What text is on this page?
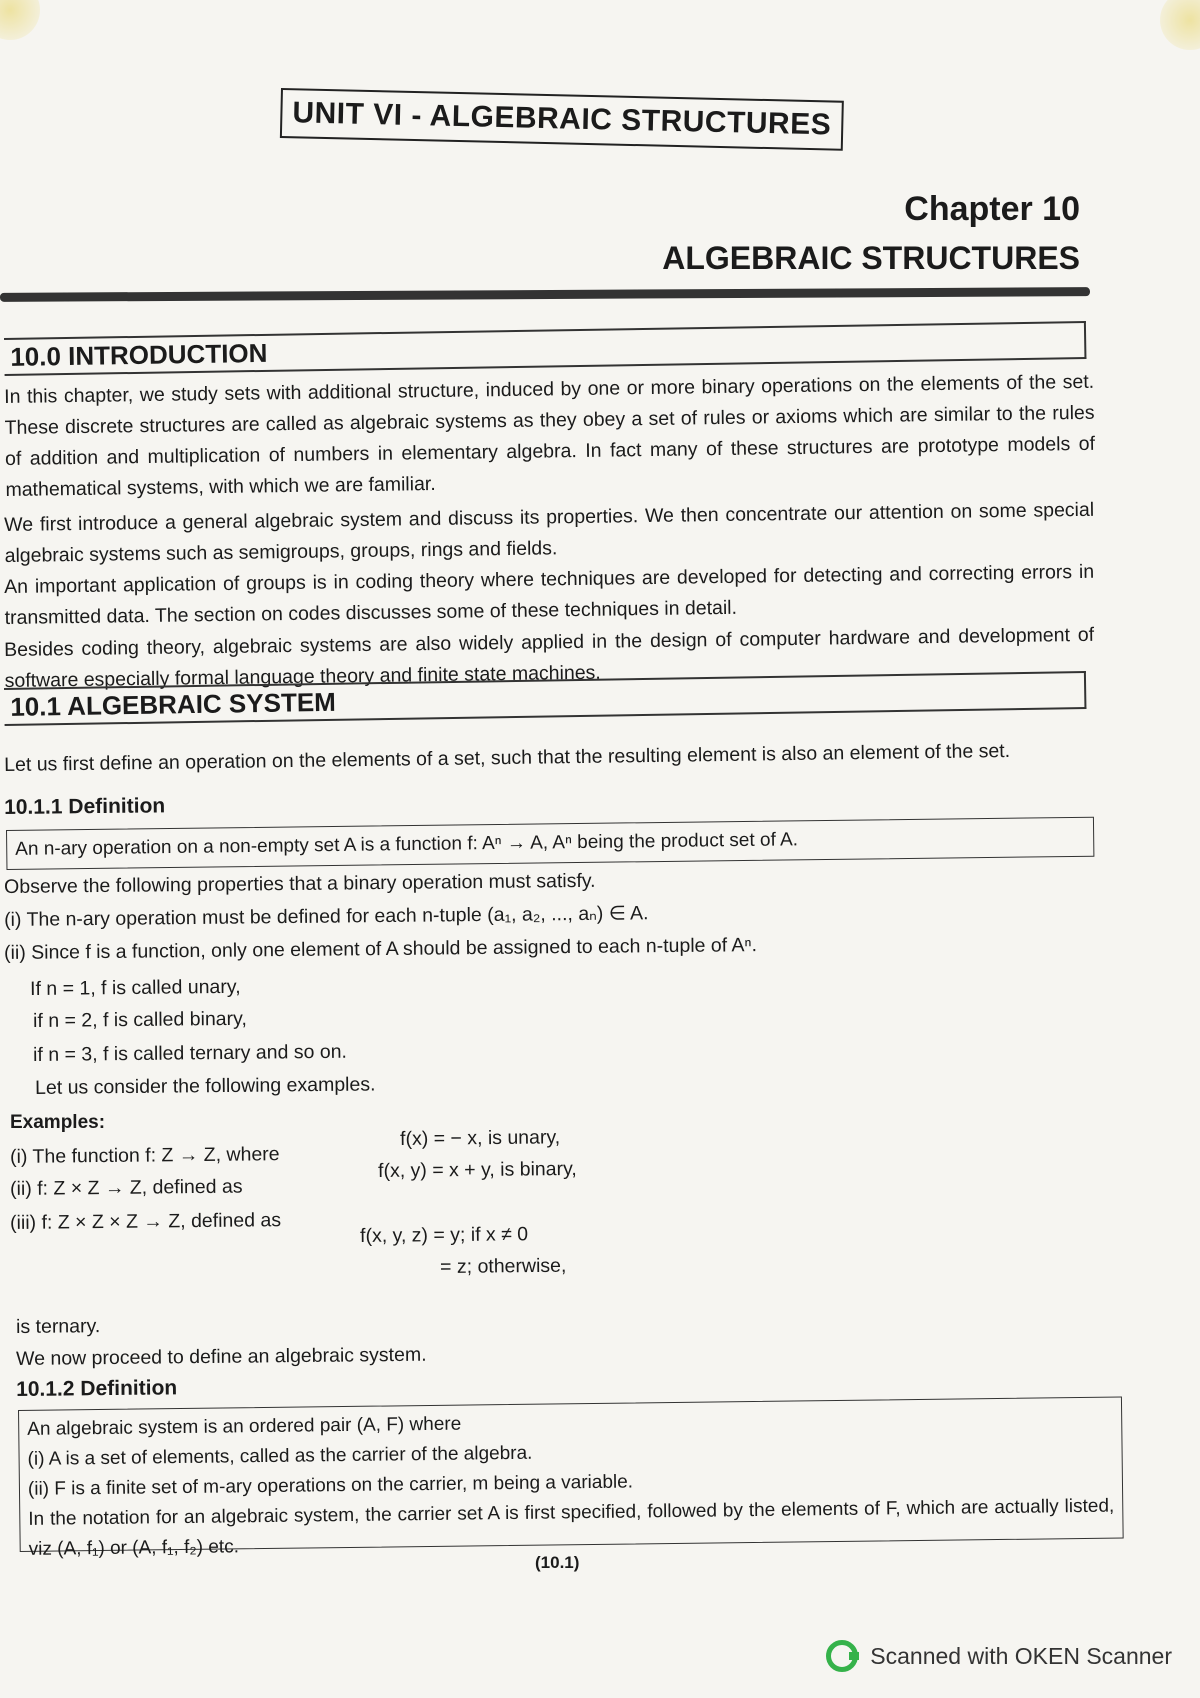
UNIT VI - ALGEBRAIC STRUCTURES
Chapter 10
ALGEBRAIC STRUCTURES
10.0 INTRODUCTION
In this chapter, we study sets with additional structure, induced by one or more binary operations on the elements of the set. These discrete structures are called as algebraic systems as they obey a set of rules or axioms which are similar to the rules of addition and multiplication of numbers in elementary algebra. In fact many of these structures are prototype models of mathematical systems, with which we are familiar.
We first introduce a general algebraic system and discuss its properties. We then concentrate our attention on some special algebraic systems such as semigroups, groups, rings and fields.
An important application of groups is in coding theory where techniques are developed for detecting and correcting errors in transmitted data. The section on codes discusses some of these techniques in detail.
Besides coding theory, algebraic systems are also widely applied in the design of computer hardware and development of software especially formal language theory and finite state machines.
10.1 ALGEBRAIC SYSTEM
Let us first define an operation on the elements of a set, such that the resulting element is also an element of the set.
10.1.1 Definition
An n-ary operation on a non-empty set A is a function f: Aⁿ → A, Aⁿ being the product set of A.
Observe the following properties that a binary operation must satisfy.
(i) The n-ary operation must be defined for each n-tuple (a₁, a₂, ..., aₙ) ∈ A.
(ii) Since f is a function, only one element of A should be assigned to each n-tuple of Aⁿ.
If n = 1, f is called unary,
if n = 2, f is called binary,
if n = 3, f is called ternary and so on.
Let us consider the following examples.
Examples:
(i) The function f: Z → Z, where
(ii) f: Z × Z → Z, defined as
(iii) f: Z × Z × Z → Z, defined as
f(x) = − x, is unary,
f(x, y) = x + y, is binary,
f(x, y, z) = y; if x ≠ 0
= z; otherwise,
is ternary.
We now proceed to define an algebraic system.
10.1.2 Definition
An algebraic system is an ordered pair (A, F) where
(i) A is a set of elements, called as the carrier of the algebra.
(ii) F is a finite set of m-ary operations on the carrier, m being a variable.
In the notation for an algebraic system, the carrier set A is first specified, followed by the elements of F, which are actually listed, viz (A, f₁) or (A, f₁, f₂) etc.
(10.1)
Scanned with OKEN Scanner
